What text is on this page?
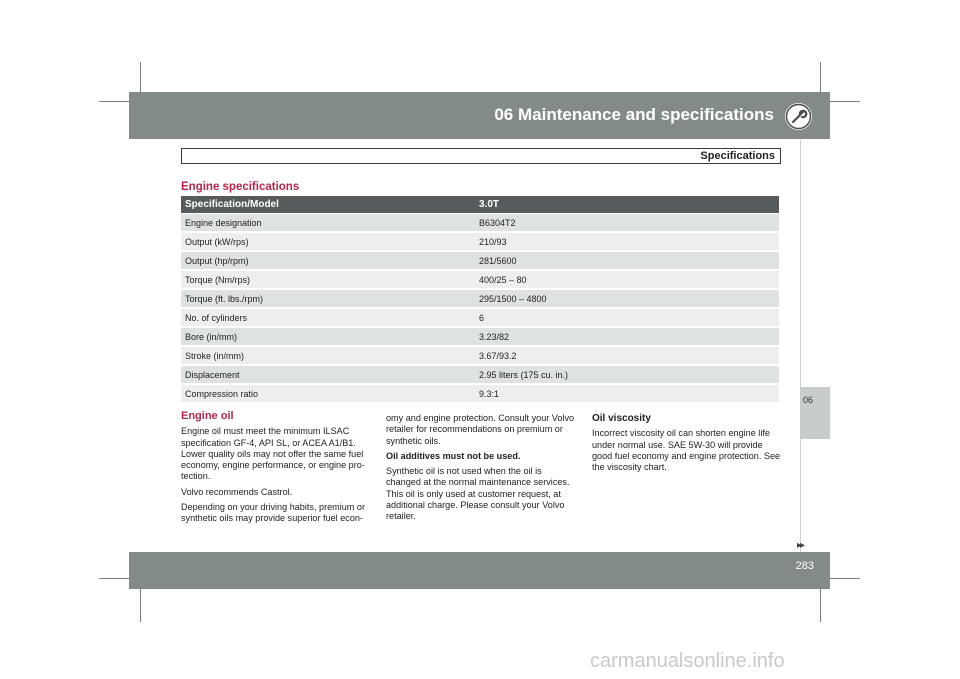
06 Maintenance and specifications
Specifications
06
Engine specifications
Specification/Model	3.0T
Engine designation	B6304T2
Output (kW/rps)	210/93
Output (hp/rpm)	281/5600
Torque (Nm/rps)	400/25 – 80
Torque (ft. lbs./rpm)	295/1500 – 4800
No. of cylinders	6
Bore (in/mm)	3.23/82
Stroke (in/mm)	3.67/93.2
Displacement	2.95 liters (175 cu. in.)
Compression ratio	9.3:1

Engine oil

Engine oil must meet the minimum ILSAC specification GF-4, API SL, or ACEA A1/B1. Lower quality oils may not offer the same fuel economy, engine performance, or engine pro-tection.

Volvo recommends Castrol.

Depending on your driving habits, premium or synthetic oils may provide superior fuel econ-

omy and engine protection. Consult your Volvo retailer for recommendations on premium or synthetic oils.

Oil additives must not be used.

Synthetic oil is not used when the oil is changed at the normal maintenance services. This oil is only used at customer request, at additional charge. Please consult your Volvo retailer.

Oil viscosity

Incorrect viscosity oil can shorten engine life under normal use. SAE 5W-30 will provide good fuel economy and engine protection. See the viscosity chart.

▸▸
283
carmanualsonline.info
